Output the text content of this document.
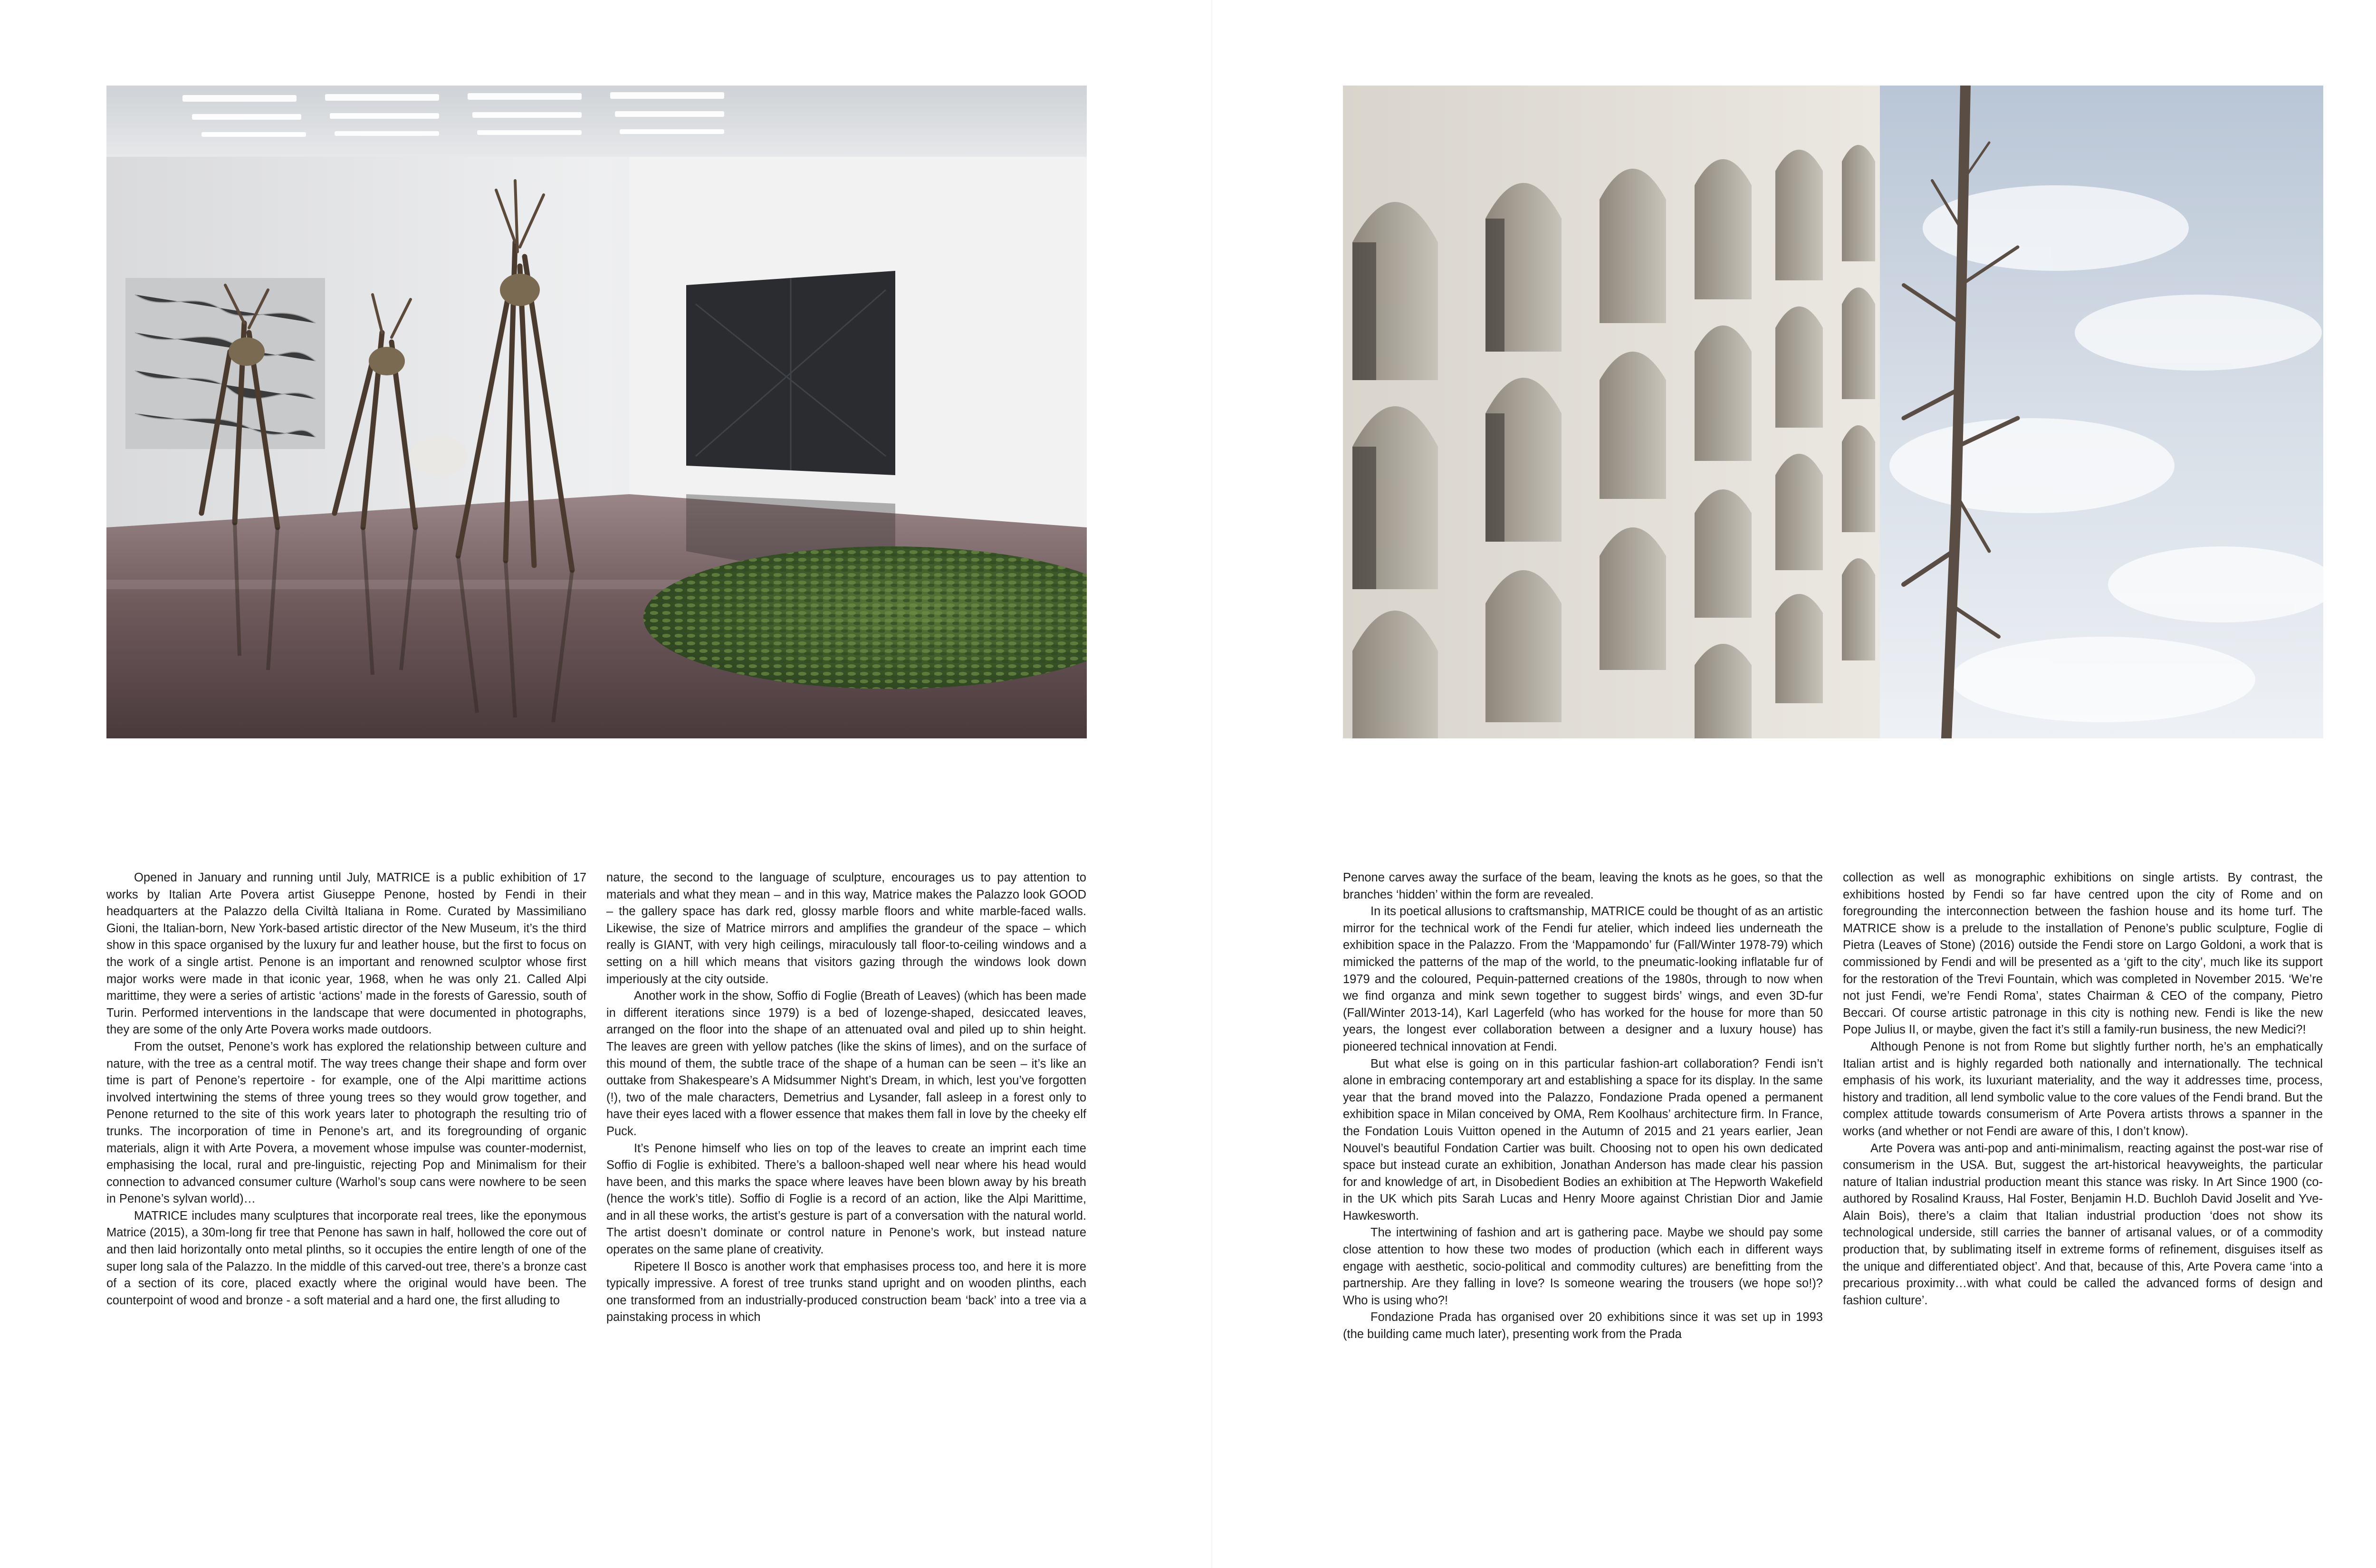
Opened in January and running until July, MATRICE is a public exhibition of 17 works by Italian Arte Povera artist Giuseppe Penone, hosted by Fendi in their headquarters at the Palazzo della Civiltà Italiana in Rome. Curated by Massimiliano Gioni, the Italian-born, New York-based artistic director of the New Museum, it’s the third show in this space organised by the luxury fur and leather house, but the first to focus on the work of a single artist. Penone is an important and renowned sculptor whose first major works were made in that iconic year, 1968, when he was only 21. Called Alpi marittime, they were a series of artistic ‘actions’ made in the forests of Garessio, south of Turin. Performed interventions in the landscape that were documented in photographs, they are some of the only Arte Povera works made outdoors.

From the outset, Penone’s work has explored the relationship between culture and nature, with the tree as a central motif. The way trees change their shape and form over time is part of Penone’s repertoire - for example, one of the Alpi marittime actions involved intertwining the stems of three young trees so they would grow together, and Penone returned to the site of this work years later to photograph the resulting trio of trunks. The incorporation of time in Penone’s art, and its foregrounding of organic materials, align it with Arte Povera, a movement whose impulse was counter-modernist, emphasising the local, rural and pre-linguistic, rejecting Pop and Minimalism for their connection to advanced consumer culture (Warhol’s soup cans were nowhere to be seen in Penone’s sylvan world)…

MATRICE includes many sculptures that incorporate real trees, like the eponymous Matrice (2015), a 30m-long fir tree that Penone has sawn in half, hollowed the core out of and then laid horizontally onto metal plinths, so it occupies the entire length of one of the super long sala of the Palazzo. In the middle of this carved-out tree, there’s a bronze cast of a section of its core, placed exactly where the original would have been. The counterpoint of wood and bronze - a soft material and a hard one, the first alluding to

nature, the second to the language of sculpture, encourages us to pay attention to materials and what they mean – and in this way, Matrice makes the Palazzo look GOOD – the gallery space has dark red, glossy marble floors and white marble-faced walls. Likewise, the size of Matrice mirrors and amplifies the grandeur of the space – which really is GIANT, with very high ceilings, miraculously tall floor-to-ceiling windows and a setting on a hill which means that visitors gazing through the windows look down imperiously at the city outside.

Another work in the show, Soffio di Foglie (Breath of Leaves) (which has been made in different iterations since 1979) is a bed of lozenge-shaped, desiccated leaves, arranged on the floor into the shape of an attenuated oval and piled up to shin height. The leaves are green with yellow patches (like the skins of limes), and on the surface of this mound of them, the subtle trace of the shape of a human can be seen – it’s like an outtake from Shakespeare’s A Midsummer Night’s Dream, in which, lest you’ve forgotten (!), two of the male characters, Demetrius and Lysander, fall asleep in a forest only to have their eyes laced with a flower essence that makes them fall in love by the cheeky elf Puck.

It’s Penone himself who lies on top of the leaves to create an imprint each time Soffio di Foglie is exhibited. There’s a balloon-shaped well near where his head would have been, and this marks the space where leaves have been blown away by his breath (hence the work’s title). Soffio di Foglie is a record of an action, like the Alpi Marittime, and in all these works, the artist’s gesture is part of a conversation with the natural world. The artist doesn’t dominate or control nature in Penone’s work, but instead nature operates on the same plane of creativity.

Ripetere Il Bosco is another work that emphasises process too, and here it is more typically impressive. A forest of tree trunks stand upright and on wooden plinths, each one transformed from an industrially-produced construction beam ‘back’ into a tree via a painstaking process in which

Penone carves away the surface of the beam, leaving the knots as he goes, so that the branches ‘hidden’ within the form are revealed.

In its poetical allusions to craftsmanship, MATRICE could be thought of as an artistic mirror for the technical work of the Fendi fur atelier, which indeed lies underneath the exhibition space in the Palazzo. From the ‘Mappamondo’ fur (Fall/Winter 1978-79) which mimicked the patterns of the map of the world, to the pneumatic-looking inflatable fur of 1979 and the coloured, Pequin-patterned creations of the 1980s, through to now when we find organza and mink sewn together to suggest birds’ wings, and even 3D-fur (Fall/Winter 2013-14), Karl Lagerfeld (who has worked for the house for more than 50 years, the longest ever collaboration between a designer and a luxury house) has pioneered technical innovation at Fendi.

But what else is going on in this particular fashion-art collaboration? Fendi isn’t alone in embracing contemporary art and establishing a space for its display. In the same year that the brand moved into the Palazzo, Fondazione Prada opened a permanent exhibition space in Milan conceived by OMA, Rem Koolhaus’ architecture firm. In France, the Fondation Louis Vuitton opened in the Autumn of 2015 and 21 years earlier, Jean Nouvel’s beautiful Fondation Cartier was built. Choosing not to open his own dedicated space but instead curate an exhibition, Jonathan Anderson has made clear his passion for and knowledge of art, in Disobedient Bodies an exhibition at The Hepworth Wakefield in the UK which pits Sarah Lucas and Henry Moore against Christian Dior and Jamie Hawkesworth.

The intertwining of fashion and art is gathering pace. Maybe we should pay some close attention to how these two modes of production (which each in different ways engage with aesthetic, socio-political and commodity cultures) are benefitting from the partnership. Are they falling in love? Is someone wearing the trousers (we hope so!)? Who is using who?!

Fondazione Prada has organised over 20 exhibitions since it was set up in 1993 (the building came much later), presenting work from the Prada

collection as well as monographic exhibitions on single artists. By contrast, the exhibitions hosted by Fendi so far have centred upon the city of Rome and on foregrounding the interconnection between the fashion house and its home turf. The MATRICE show is a prelude to the installation of Penone’s public sculpture, Foglie di Pietra (Leaves of Stone) (2016) outside the Fendi store on Largo Goldoni, a work that is commissioned by Fendi and will be presented as a ‘gift to the city’, much like its support for the restoration of the Trevi Fountain, which was completed in November 2015. ‘We’re not just Fendi, we’re Fendi Roma’, states Chairman & CEO of the company, Pietro Beccari. Of course artistic patronage in this city is nothing new. Fendi is like the new Pope Julius II, or maybe, given the fact it’s still a family-run business, the new Medici?!

Although Penone is not from Rome but slightly further north, he’s an emphatically Italian artist and is highly regarded both nationally and internationally. The technical emphasis of his work, its luxuriant materiality, and the way it addresses time, process, history and tradition, all lend symbolic value to the core values of the Fendi brand. But the complex attitude towards consumerism of Arte Povera artists throws a spanner in the works (and whether or not Fendi are aware of this, I don’t know).

Arte Povera was anti-pop and anti-minimalism, reacting against the post-war rise of consumerism in the USA. But, suggest the art-historical heavyweights, the particular nature of Italian industrial production meant this stance was risky. In Art Since 1900 (co-authored by Rosalind Krauss, Hal Foster, Benjamin H.D. Buchloh David Joselit and Yve-Alain Bois), there’s a claim that Italian industrial production ‘does not show its technological underside, still carries the banner of artisanal values, or of a commodity production that, by sublimating itself in extreme forms of refinement, disguises itself as the unique and differentiated object’. And that, because of this, Arte Povera came ‘into a precarious proximity…with what could be called the advanced forms of design and fashion culture’.
